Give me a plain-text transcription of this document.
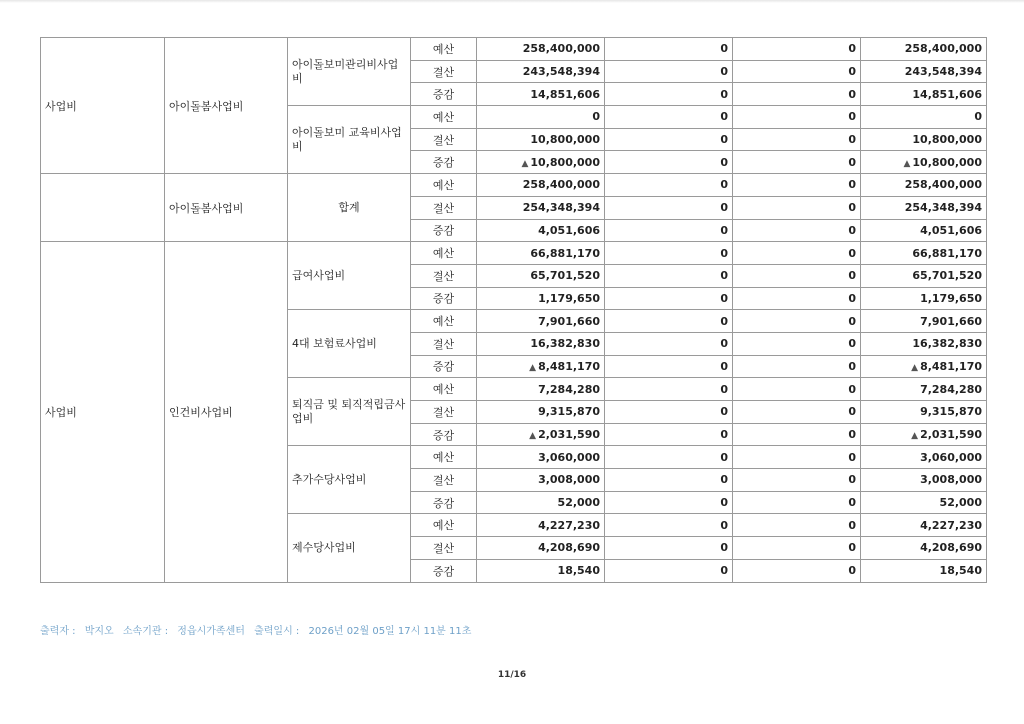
사업비	아이돌봄사업비	아이돌보미관리비사업비	예산	258,400,000	0	0	258,400,000
			결산	243,548,394	0	0	243,548,394
			증감	14,851,606	0	0	14,851,606
		아이돌보미 교육비사업비	예산	0	0	0	0
			결산	10,800,000	0	0	10,800,000
			증감	▲ 10,800,000	0	0	▲ 10,800,000
	아이돌봄사업비	합계	예산	258,400,000	0	0	258,400,000
			결산	254,348,394	0	0	254,348,394
			증감	4,051,606	0	0	4,051,606
사업비	인건비사업비	급여사업비	예산	66,881,170	0	0	66,881,170
			결산	65,701,520	0	0	65,701,520
			증감	1,179,650	0	0	1,179,650
		4대 보험료사업비	예산	7,901,660	0	0	7,901,660
			결산	16,382,830	0	0	16,382,830
			증감	▲ 8,481,170	0	0	▲ 8,481,170
		퇴직금 및 퇴직적립금사업비	예산	7,284,280	0	0	7,284,280
			결산	9,315,870	0	0	9,315,870
			증감	▲ 2,031,590	0	0	▲ 2,031,590
		추가수당사업비	예산	3,060,000	0	0	3,060,000
			결산	3,008,000	0	0	3,008,000
			증감	52,000	0	0	52,000
		제수당사업비	예산	4,227,230	0	0	4,227,230
			결산	4,208,690	0	0	4,208,690
			증감	18,540	0	0	18,540
출력자 : 박지오 소속기관 : 정읍시가족센터 출력일시 : 2026년 02월 05일 17시 11분 11초
11/16
